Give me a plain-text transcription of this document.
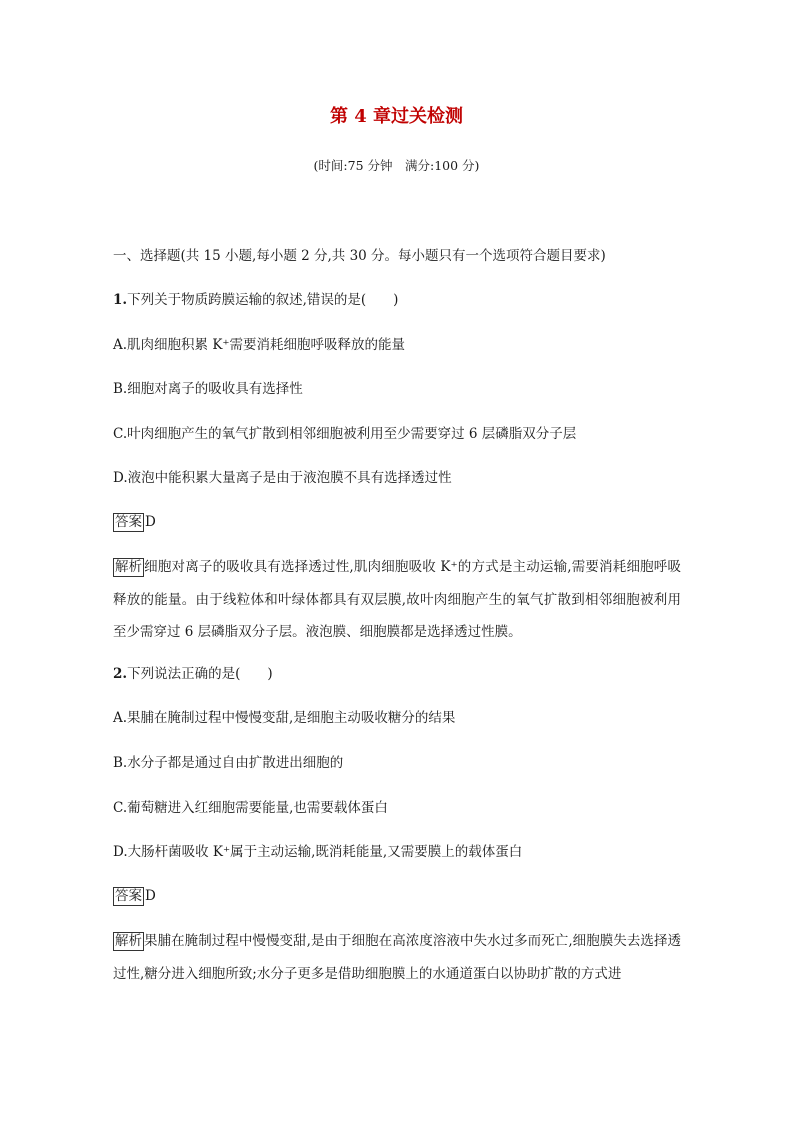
第 4 章过关检测
(时间:75 分钟　满分:100 分)
一、选择题(共 15 小题,每小题 2 分,共 30 分。每小题只有一个选项符合题目要求)
1.下列关于物质跨膜运输的叙述,错误的是(　　)
A.肌肉细胞积累 K⁺需要消耗细胞呼吸释放的能量
B.细胞对离子的吸收具有选择性
C.叶肉细胞产生的氧气扩散到相邻细胞被利用至少需要穿过 6 层磷脂双分子层
D.液泡中能积累大量离子是由于液泡膜不具有选择透过性
答案 D
解析 细胞对离子的吸收具有选择透过性,肌肉细胞吸收 K⁺的方式是主动运输,需要消耗细胞呼吸释放的能量。由于线粒体和叶绿体都具有双层膜,故叶肉细胞产生的氧气扩散到相邻细胞被利用至少需穿过 6 层磷脂双分子层。液泡膜、细胞膜都是选择透过性膜。
2.下列说法正确的是(　　)
A.果脯在腌制过程中慢慢变甜,是细胞主动吸收糖分的结果
B.水分子都是通过自由扩散进出细胞的
C.葡萄糖进入红细胞需要能量,也需要载体蛋白
D.大肠杆菌吸收 K⁺属于主动运输,既消耗能量,又需要膜上的载体蛋白
答案 D
解析 果脯在腌制过程中慢慢变甜,是由于细胞在高浓度溶液中失水过多而死亡,细胞膜失去选择透过性,糖分进入细胞所致;水分子更多是借助细胞膜上的水通道蛋白以协助扩散的方式进
